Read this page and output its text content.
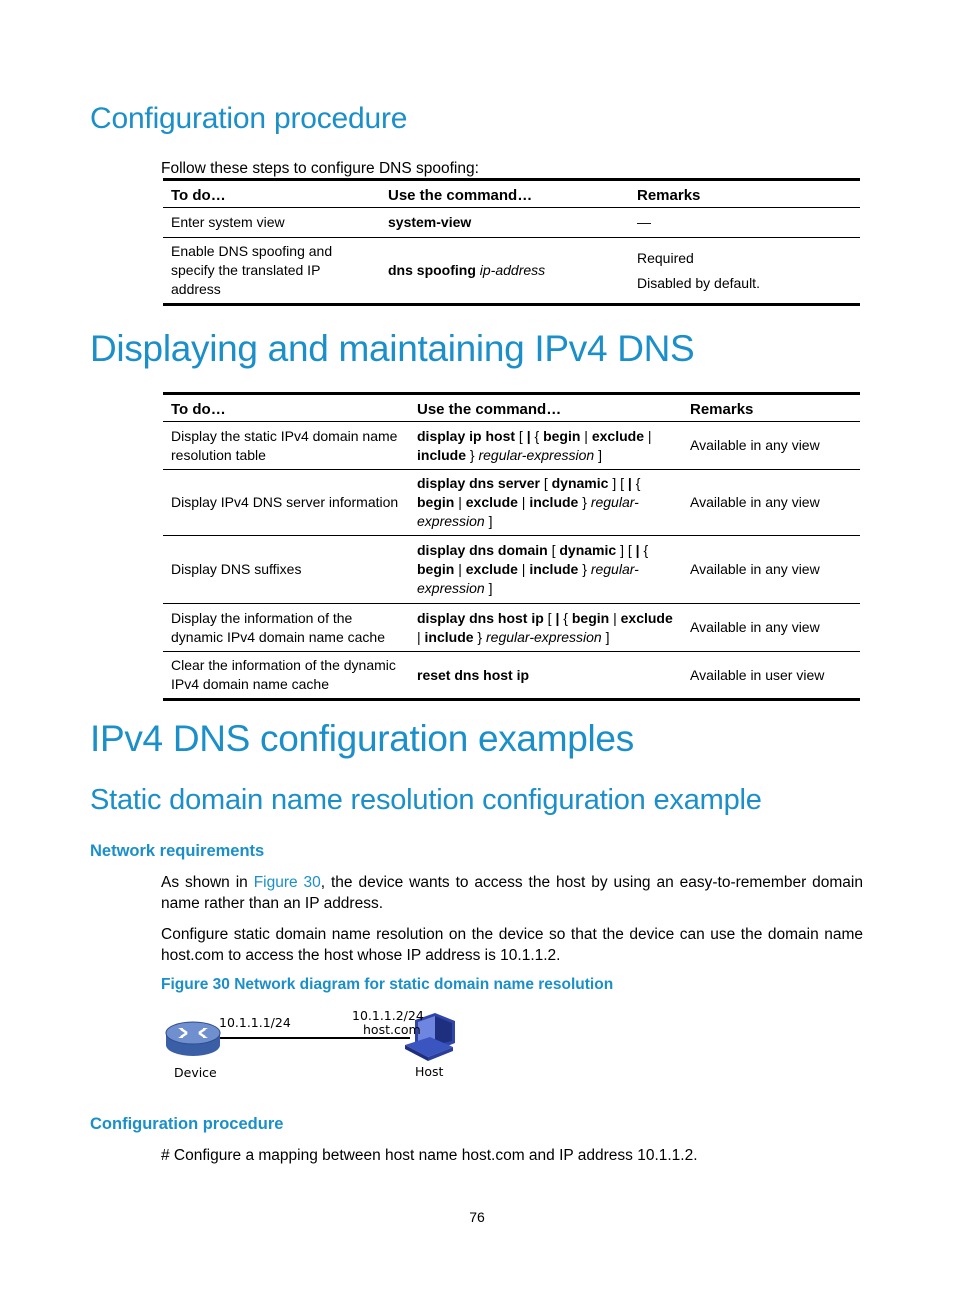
Configuration procedure
Follow these steps to configure DNS spoofing:
To do…	Use the command…	Remarks
Enter system view	system-view	—
Enable DNS spoofing and specify the translated IP address	dns spoofing ip-address	Required
Disabled by default.
Displaying and maintaining IPv4 DNS
To do…	Use the command…	Remarks
Display the static IPv4 domain name resolution table	display ip host [ | { begin | exclude | include } regular-expression ]	Available in any view
Display IPv4 DNS server information	display dns server [ dynamic ] [ | { begin | exclude | include } regular-expression ]	Available in any view
Display DNS suffixes	display dns domain [ dynamic ] [ | { begin | exclude | include } regular-expression ]	Available in any view
Display the information of the dynamic IPv4 domain name cache	display dns host ip [ | { begin | exclude | include } regular-expression ]	Available in any view
Clear the information of the dynamic IPv4 domain name cache	reset dns host ip	Available in user view
IPv4 DNS configuration examples
Static domain name resolution configuration example
Network requirements
As shown in Figure 30, the device wants to access the host by using an easy-to-remember domain name rather than an IP address.
Configure static domain name resolution on the device so that the device can use the domain name host.com to access the host whose IP address is 10.1.1.2.
Figure 30 Network diagram for static domain name resolution
10.1.1.1/24	10.1.1.2/24
host.com
Device	Host
Configuration procedure
# Configure a mapping between host name host.com and IP address 10.1.1.2.
76
